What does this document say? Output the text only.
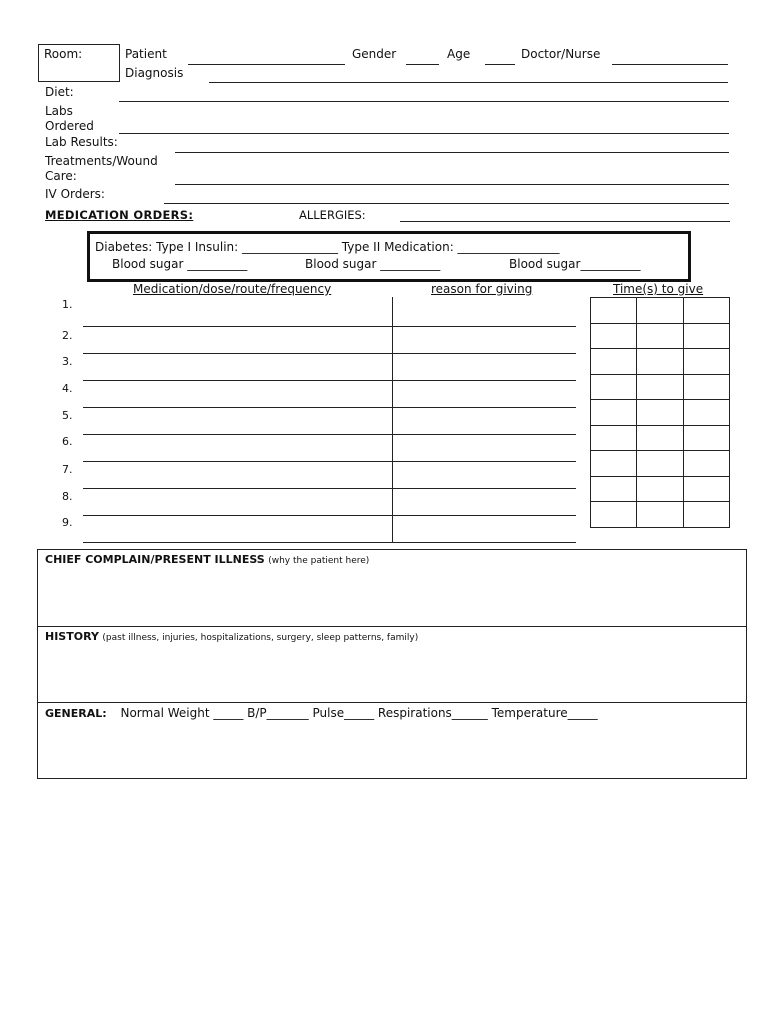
Room:	Patient	Gender	Age	Doctor/Nurse
Diagnosis
Diet:
Labs
Ordered
Lab Results:
Treatments/Wound
Care:
IV Orders:
MEDICATION ORDERS:	ALLERGIES:
Diabetes: Type I Insulin: ________________ Type II Medication: _________________
Blood sugar __________	Blood sugar __________	Blood sugar__________
Medication/dose/route/frequency	reason for giving	Time(s) to give
1.
2.
3.
4.
5.
6.
7.
8.
9.

CHIEF COMPLAIN/PRESENT ILLNESS (why the patient here)
HISTORY (past illness, injuries, hospitalizations, surgery, sleep patterns, family)
GENERAL: Normal Weight _____ B/P_______ Pulse_____ Respirations______ Temperature_____
